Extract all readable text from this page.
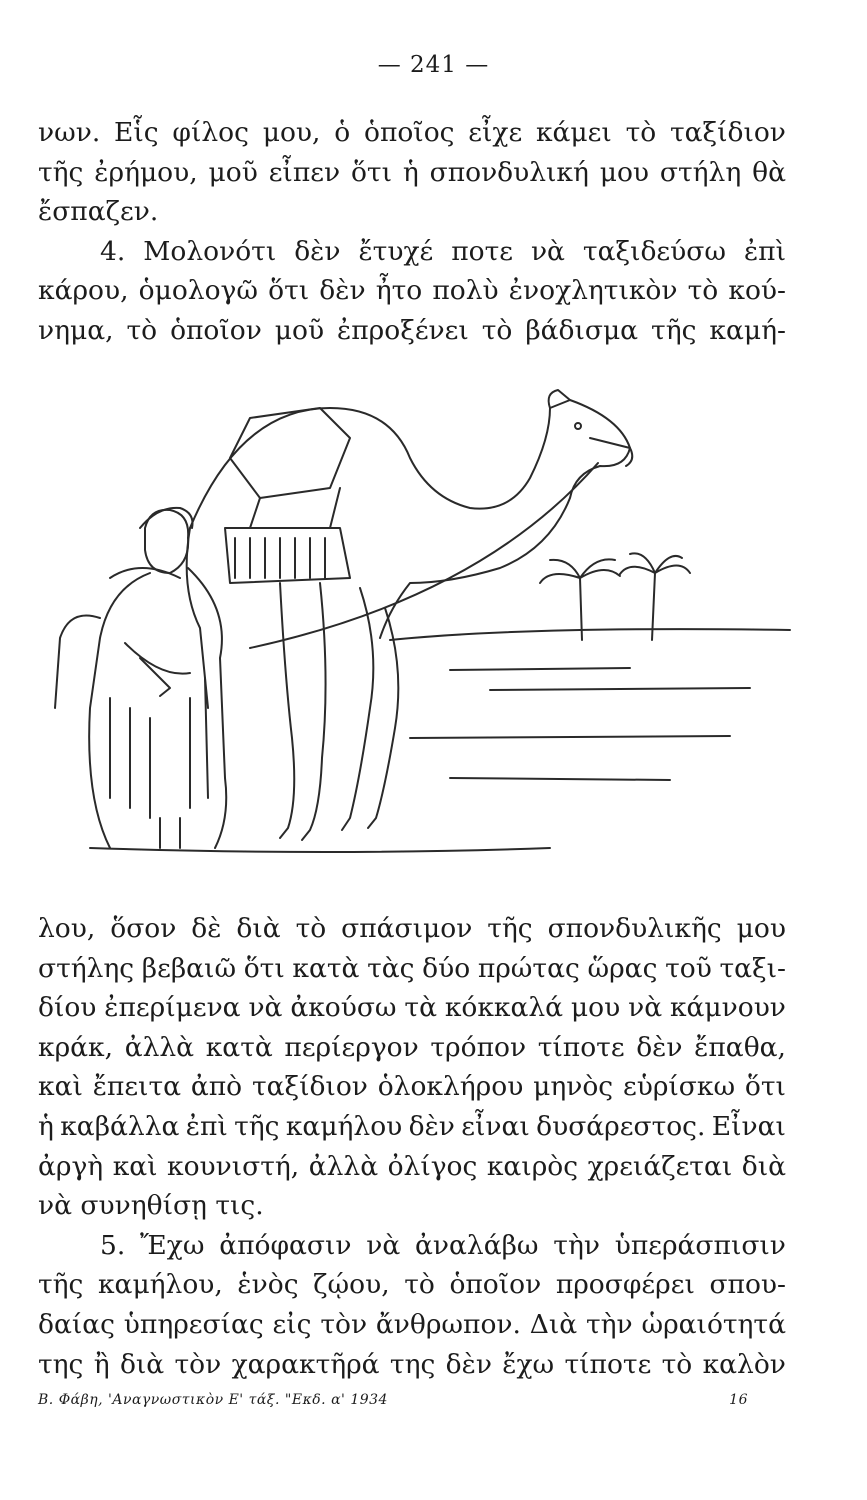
— 241 —
νων. Εἷς φίλος μου, ὁ ὁποῖος εἶχε κάμει τὸ ταξίδιον
τῆς ἐρήμου, μοῦ εἶπεν ὅτι ἡ σπονδυλική μου στήλη θὰ
ἔσπαζεν.
4. Μολονότι δὲν ἔτυχέ ποτε νὰ ταξιδεύσω ἐπὶ
κάρου, ὁμολογῶ ὅτι δὲν ἦτο πολὺ ἐνοχλητικὸν τὸ κού-
νημα, τὸ ὁποῖον μοῦ ἐπροξένει τὸ βάδισμα τῆς καμή-
λου, ὅσον δὲ διὰ τὸ σπάσιμον τῆς σπονδυλικῆς μου
στήλης βεβαιῶ ὅτι κατὰ τὰς δύο πρώτας ὥρας τοῦ ταξι-
δίου ἐπερίμενα νὰ ἀκούσω τὰ κόκκαλά μου νὰ κάμνουν
κράκ, ἀλλὰ κατὰ περίεργον τρόπον τίποτε δὲν ἔπαθα,
καὶ ἔπειτα ἀπὸ ταξίδιον ὁλοκλήρου μηνὸς εὑρίσκω ὅτι
ἡ καβάλλα ἐπὶ τῆς καμήλου δὲν εἶναι δυσάρεστος. Εἶναι
ἀργὴ καὶ κουνιστή, ἀλλὰ ὀλίγος καιρὸς χρειάζεται διὰ
νὰ συνηθίσῃ τις.
5. Ἔχω ἀπόφασιν νὰ ἀναλάβω τὴν ὑπεράσπισιν
τῆς καμήλου, ἑνὸς ζῴου, τὸ ὁποῖον προσφέρει σπου-
δαίας ὑπηρεσίας εἰς τὸν ἄνθρωπον. Διὰ τὴν ὡραιότητά
της ἢ διὰ τὸν χαρακτῆρά της δὲν ἔχω τίποτε τὸ καλὸν
Β. Φάβη, 'Αναγνωστικὸν Ε' τάξ. "Εκδ. α' 1934	16
